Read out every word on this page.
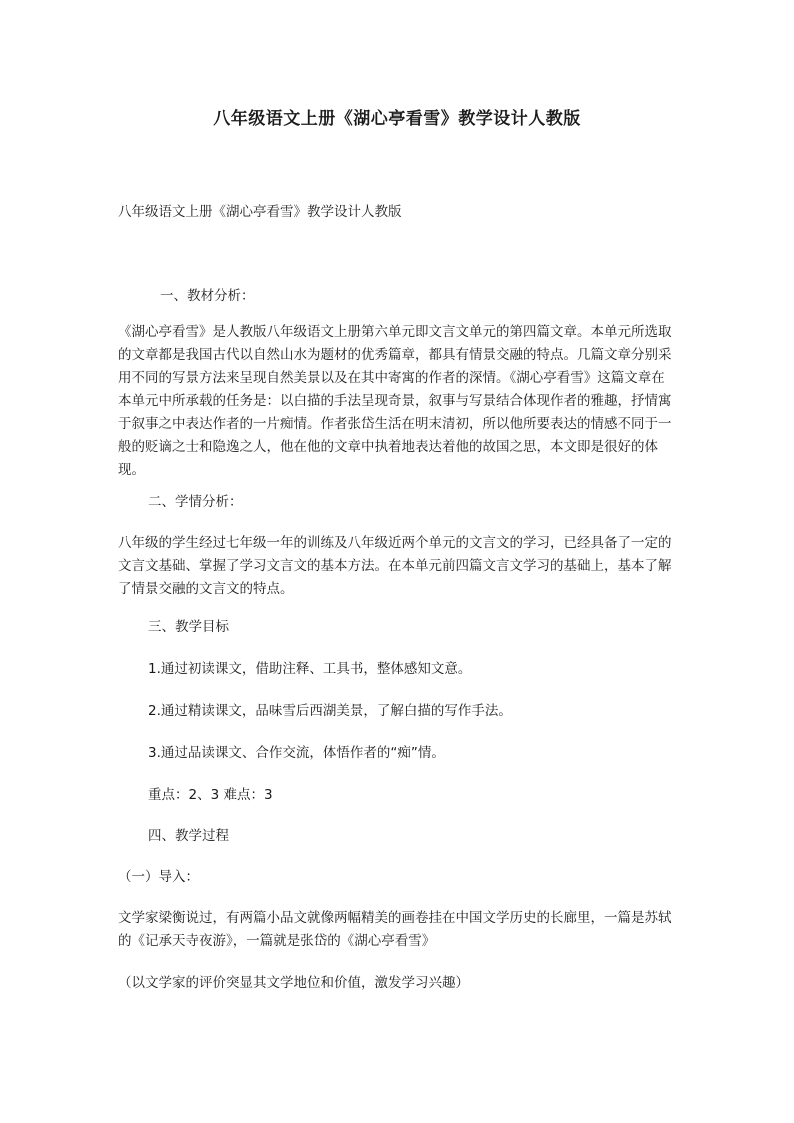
八年级语文上册《湖心亭看雪》教学设计人教版
八年级语文上册《湖心亭看雪》教学设计人教版
一、教材分析：
《湖心亭看雪》是人教版八年级语文上册第六单元即文言文单元的第四篇文章。本单元所选取的文章都是我国古代以自然山水为题材的优秀篇章，都具有情景交融的特点。几篇文章分别采用不同的写景方法来呈现自然美景以及在其中寄寓的作者的深情。《湖心亭看雪》这篇文章在本单元中所承载的任务是：以白描的手法呈现奇景，叙事与写景结合体现作者的雅趣，抒情寓于叙事之中表达作者的一片痴情。作者张岱生活在明末清初，所以他所要表达的情感不同于一般的贬谪之士和隐逸之人，他在他的文章中执着地表达着他的故国之思，本文即是很好的体现。
二、学情分析：
八年级的学生经过七年级一年的训练及八年级近两个单元的文言文的学习，已经具备了一定的文言文基础、掌握了学习文言文的基本方法。在本单元前四篇文言文学习的基础上，基本了解了情景交融的文言文的特点。
三、教学目标
1.通过初读课文，借助注释、工具书，整体感知文意。
2.通过精读课文，品味雪后西湖美景，了解白描的写作手法。
3.通过品读课文、合作交流，体悟作者的“痴”情。
重点：2、3 难点：3
四、教学过程
（一）导入：
文学家梁衡说过，有两篇小品文就像两幅精美的画卷挂在中国文学历史的长廊里，一篇是苏轼的《记承天寺夜游》，一篇就是张岱的《湖心亭看雪》
（以文学家的评价突显其文学地位和价值，激发学习兴趣）
